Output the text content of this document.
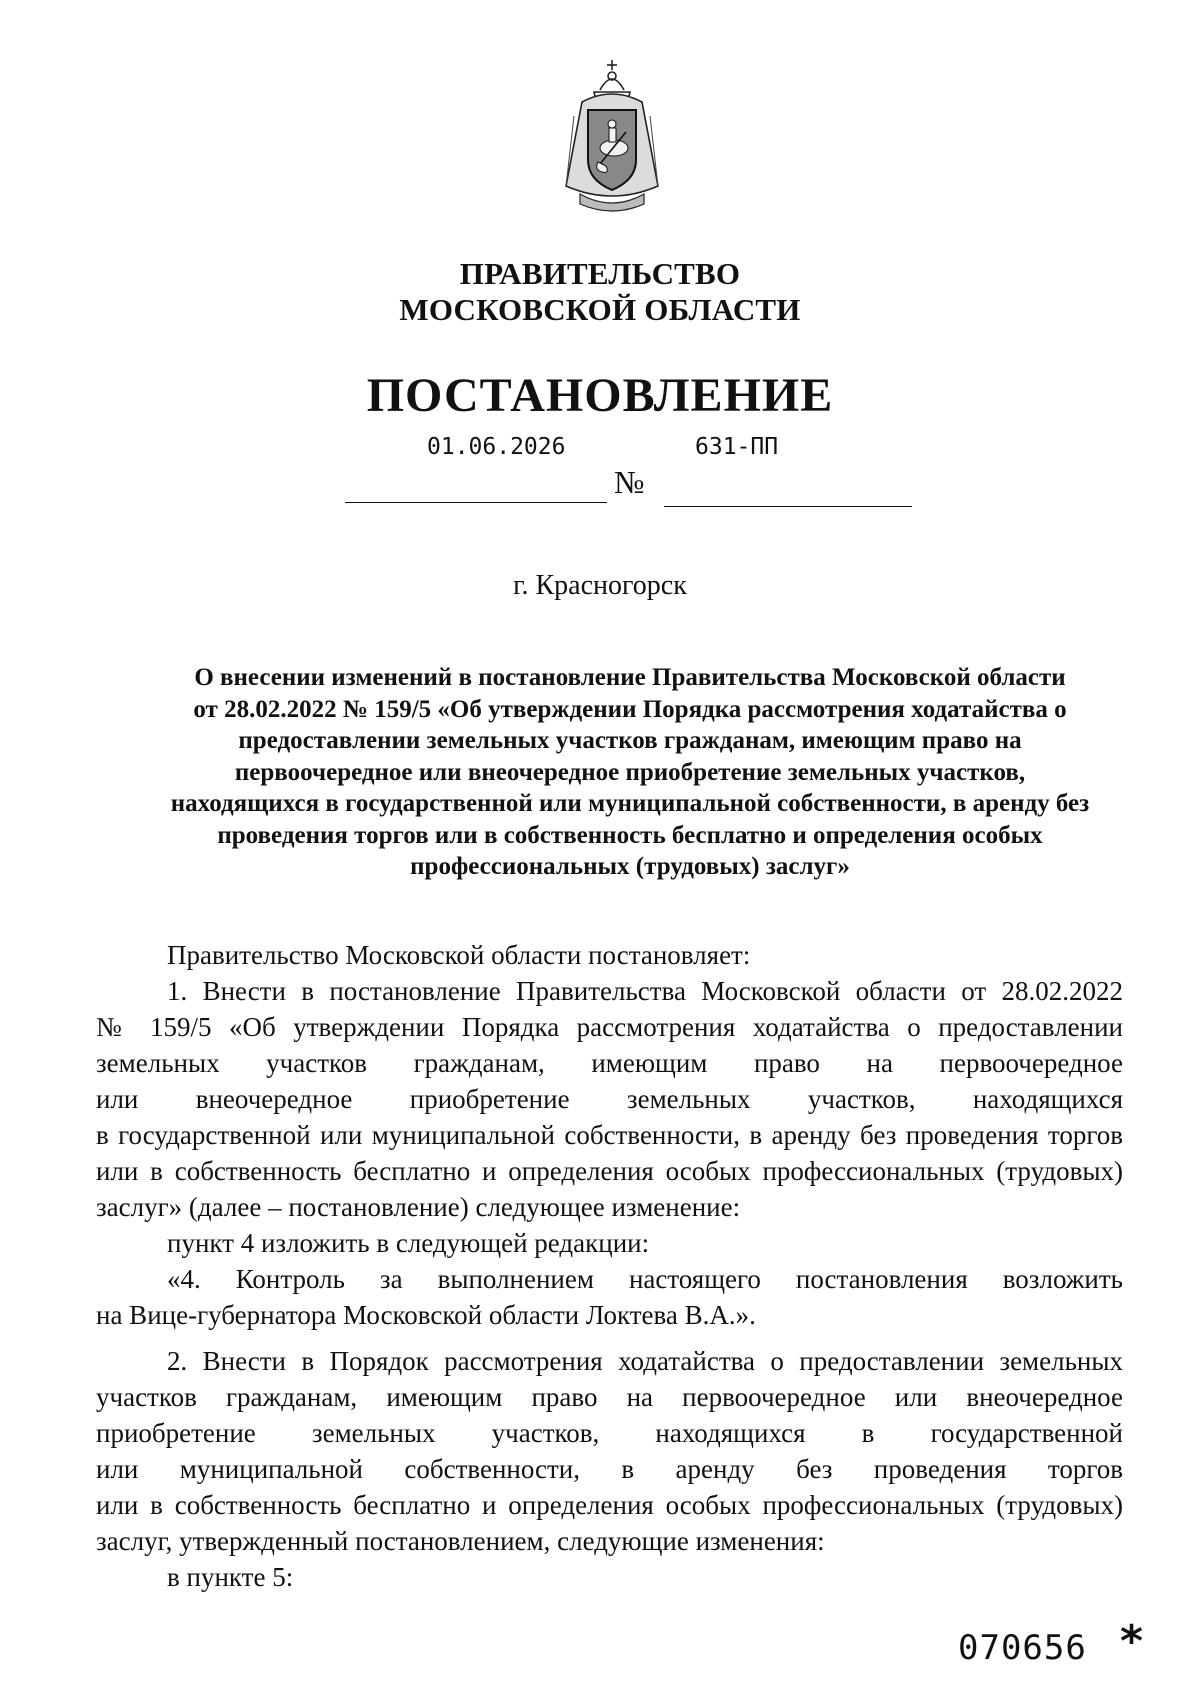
ПРАВИТЕЛЬСТВО
МОСКОВСКОЙ ОБЛАСТИ
ПОСТАНОВЛЕНИЕ
01.06.2026
№
631-ПП
г. Красногорск
О внесении изменений в постановление Правительства Московской области
от 28.02.2022 № 159/5 «Об утверждении Порядка рассмотрения ходатайства о
предоставлении земельных участков гражданам, имеющим право на
первоочередное или внеочередное приобретение земельных участков,
находящихся в государственной или муниципальной собственности, в аренду без
проведения торгов или в собственность бесплатно и определения особых
профессиональных (трудовых) заслуг»
Правительство Московской области постановляет:
1. Внести в постановление Правительства Московской области от 28.02.2022
№ 159/5 «Об утверждении Порядка рассмотрения ходатайства о предоставлении
земельных участков гражданам, имеющим право на первоочередное
или внеочередное приобретение земельных участков, находящихся
в государственной или муниципальной собственности, в аренду без проведения торгов
или в собственность бесплатно и определения особых профессиональных (трудовых)
заслуг» (далее – постановление) следующее изменение:
пункт 4 изложить в следующей редакции:
«4. Контроль за выполнением настоящего постановления возложить
на Вице-губернатора Московской области Локтева В.А.».
2. Внести в Порядок рассмотрения ходатайства о предоставлении земельных
участков гражданам, имеющим право на первоочередное или внеочередное
приобретение земельных участков, находящихся в государственной
или муниципальной собственности, в аренду без проведения торгов
или в собственность бесплатно и определения особых профессиональных (трудовых)
заслуг, утвержденный постановлением, следующие изменения:
в пункте 5:
070656 *
